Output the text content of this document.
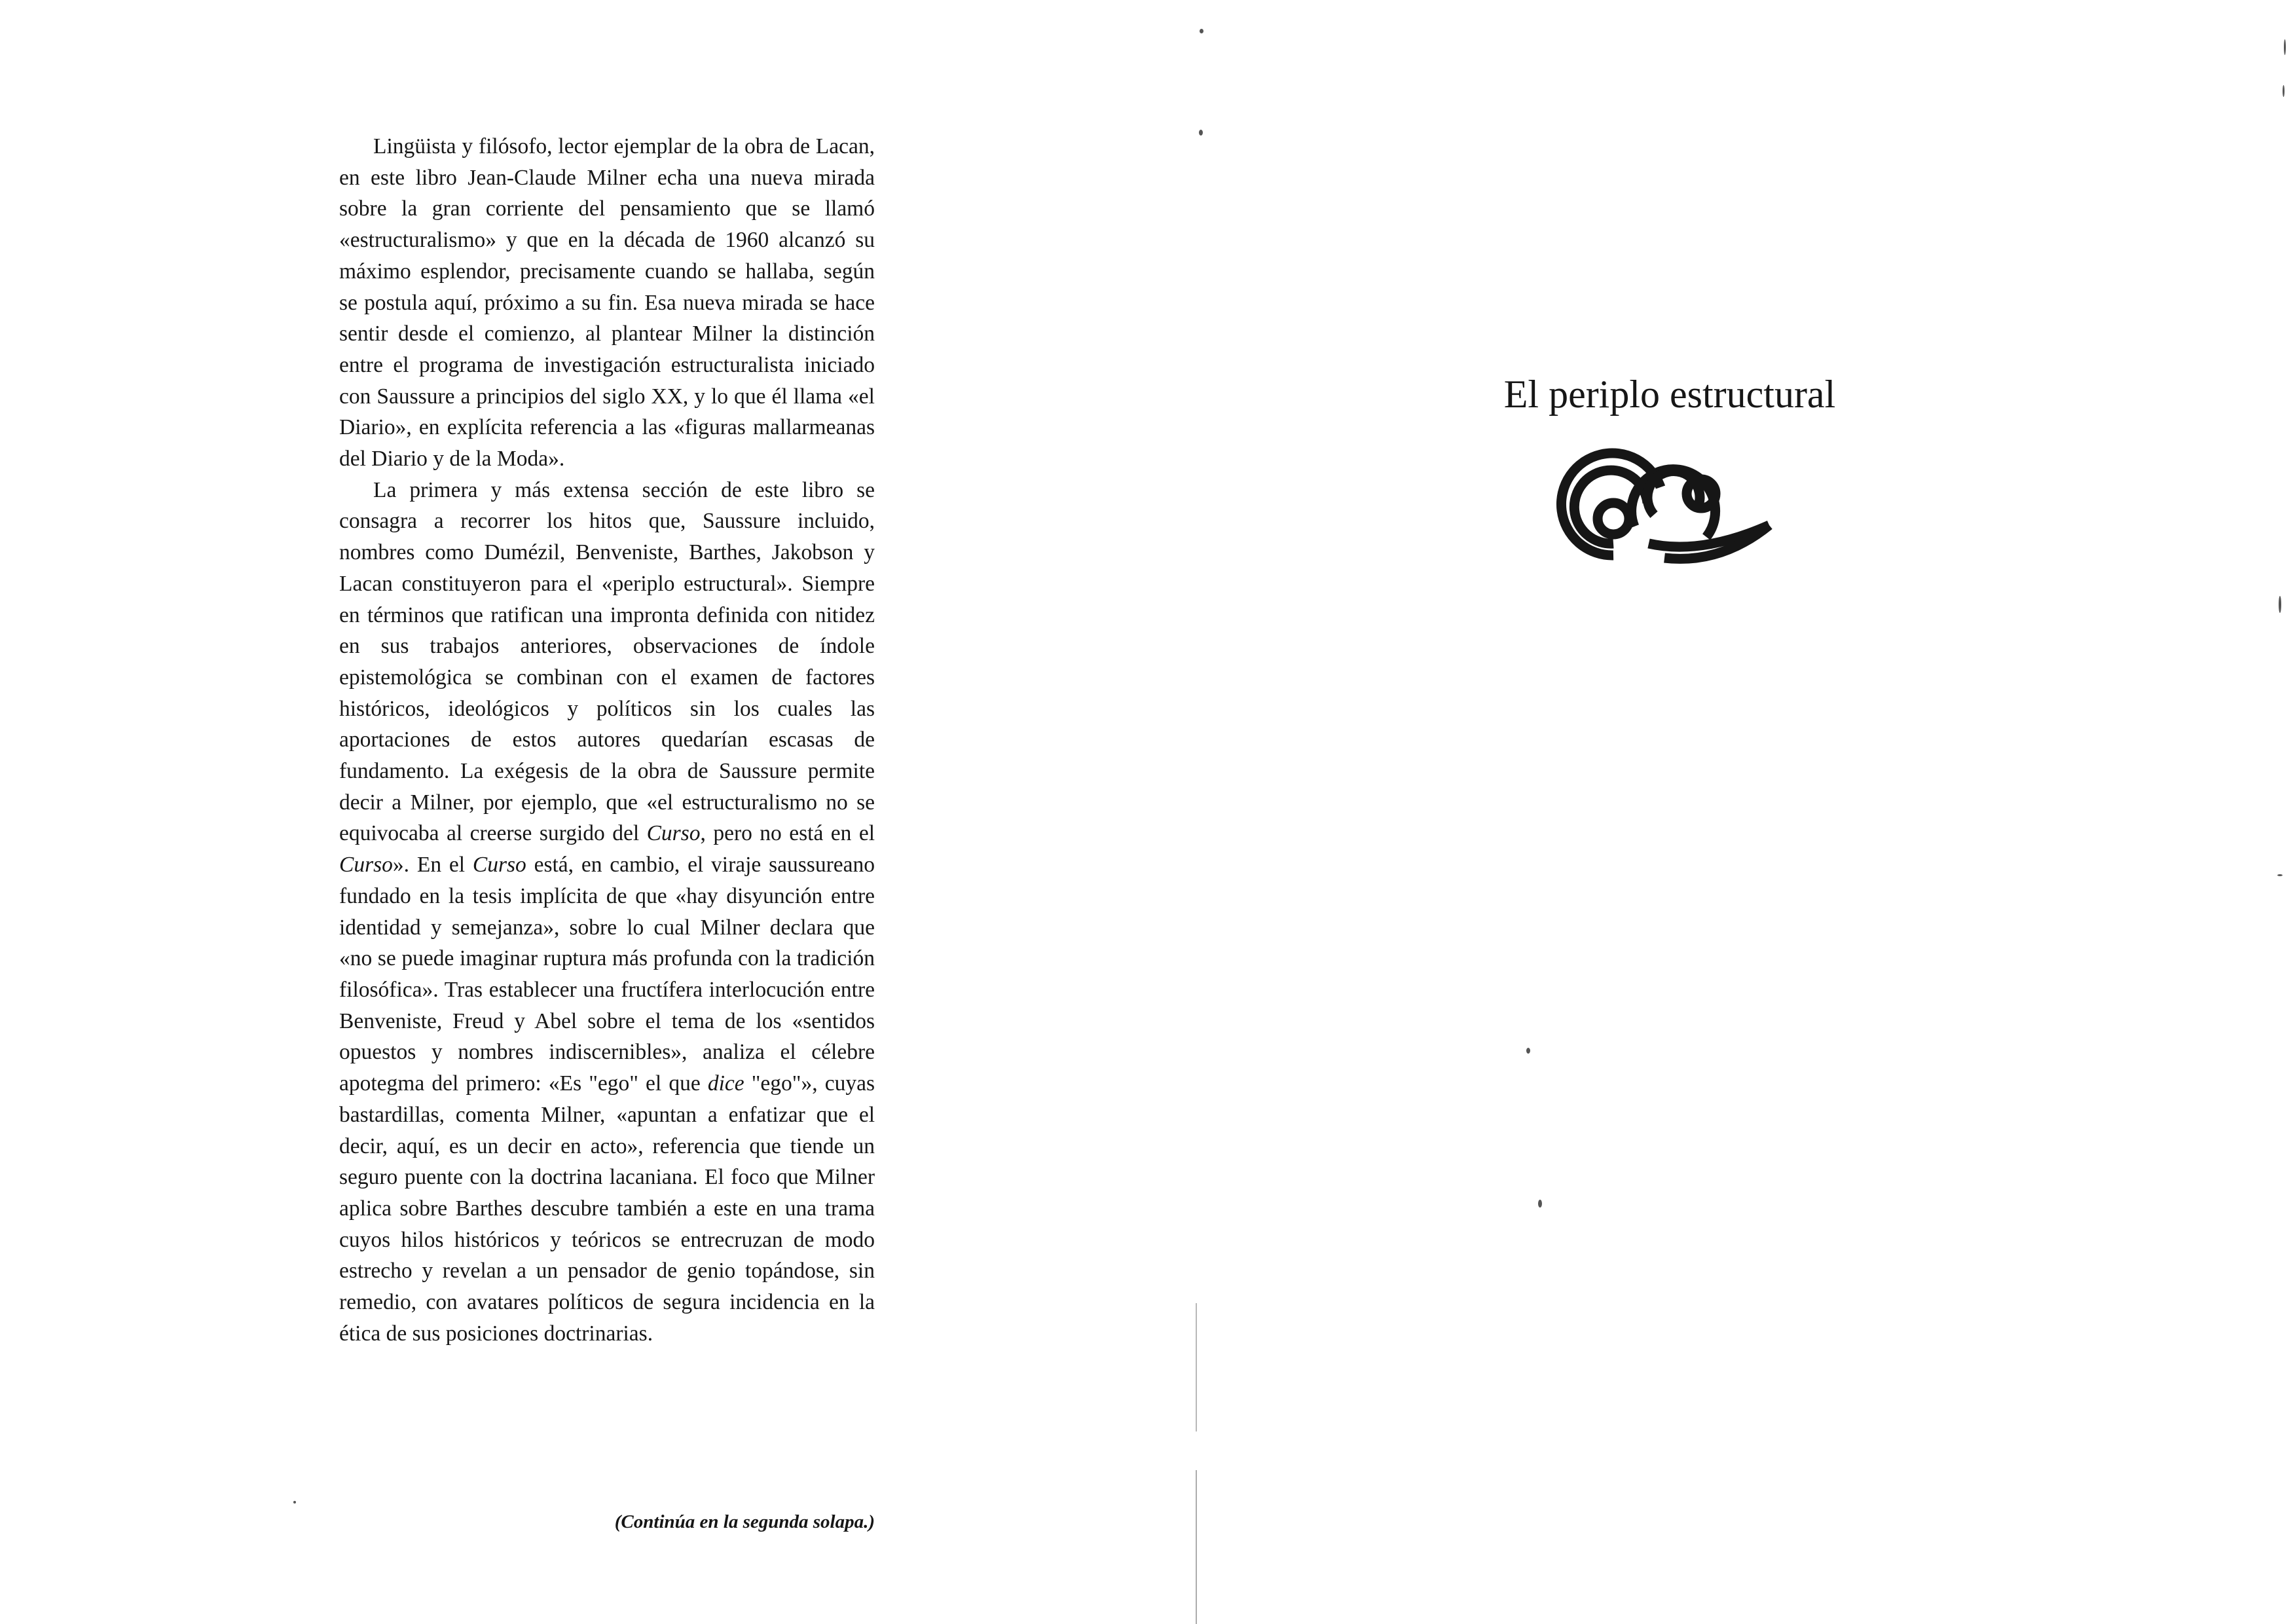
Lingüista y filósofo, lector ejemplar de la obra de Lacan, en este libro Jean-Claude Milner echa una nueva mirada sobre la gran corriente del pensamiento que se llamó «estructuralismo» y que en la década de 1960 alcanzó su máximo esplendor, precisamente cuando se hallaba, según se postula aquí, próximo a su fin. Esa nueva mirada se hace sentir desde el comienzo, al plantear Milner la distinción entre el programa de investigación estructuralista iniciado con Saussure a principios del siglo XX, y lo que él llama «el Diario», en explícita referencia a las «figuras mallarmeanas del Diario y de la Moda».

La primera y más extensa sección de este libro se consagra a recorrer los hitos que, Saussure incluido, nombres como Dumézil, Benveniste, Barthes, Jakobson y Lacan constituyeron para el «periplo estructural». Siempre en términos que ratifican una impronta definida con nitidez en sus trabajos anteriores, observaciones de índole epistemológica se combinan con el examen de factores históricos, ideológicos y políticos sin los cuales las aportaciones de estos autores quedarían escasas de fundamento. La exégesis de la obra de Saussure permite decir a Milner, por ejemplo, que «el estructuralismo no se equivocaba al creerse surgido del Curso, pero no está en el Curso». En el Curso está, en cambio, el viraje saussureano fundado en la tesis implícita de que «hay disyunción entre identidad y semejanza», sobre lo cual Milner declara que «no se puede imaginar ruptura más profunda con la tradición filosófica». Tras establecer una fructífera interlocución entre Benveniste, Freud y Abel sobre el tema de los «sentidos opuestos y nombres indiscernibles», analiza el célebre apotegma del primero: «Es "ego" el que dice "ego"», cuyas bastardillas, comenta Milner, «apuntan a enfatizar que el decir, aquí, es un decir en acto», referencia que tiende un seguro puente con la doctrina lacaniana. El foco que Milner aplica sobre Barthes descubre también a este en una trama cuyos hilos históricos y teóricos se entrecruzan de modo estrecho y revelan a un pensador de genio topándose, sin remedio, con avatares políticos de segura incidencia en la ética de sus posiciones doctrinarias.

(Continúa en la segunda solapa.)
El periplo estructural
